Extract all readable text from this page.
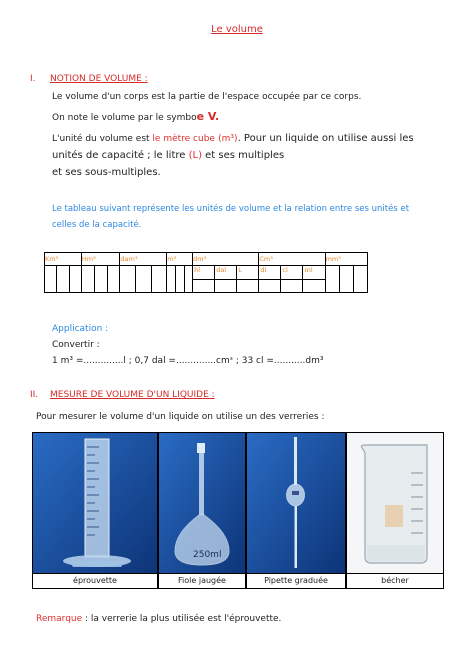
Le volume
I. NOTION DE VOLUME :
Le volume d'un corps est la partie de l'espace occupée par ce corps.
On note le volume par le symboe V.
L'unité du volume est le mètre cube (m³). Pour un liquide on utilise aussi les
unités de capacité ; le litre (L) et ses multiples
et ses sous-multiples.
Le tableau suivant représente les unités de volume et la relation entre ses unités et
celles de la capacité.
Km³			Hm³			dam³			m³			dm³	Cm³	mm³		

												hl dal L	dl cl ml			

Application :
Convertir :
1 m³ =..............l ; 0,7 dal =..............cmᶟ ; 33 cl =...........dm³
II. MESURE DE VOLUME D'UN LIQUIDE :
Pour mesurer le volume d'un liquide on utilise un des verreries :
250ml
éprouvette	Fiole jaugée	Pipette graduée	bécher
Remarque : la verrerie la plus utilisée est l'éprouvette.
